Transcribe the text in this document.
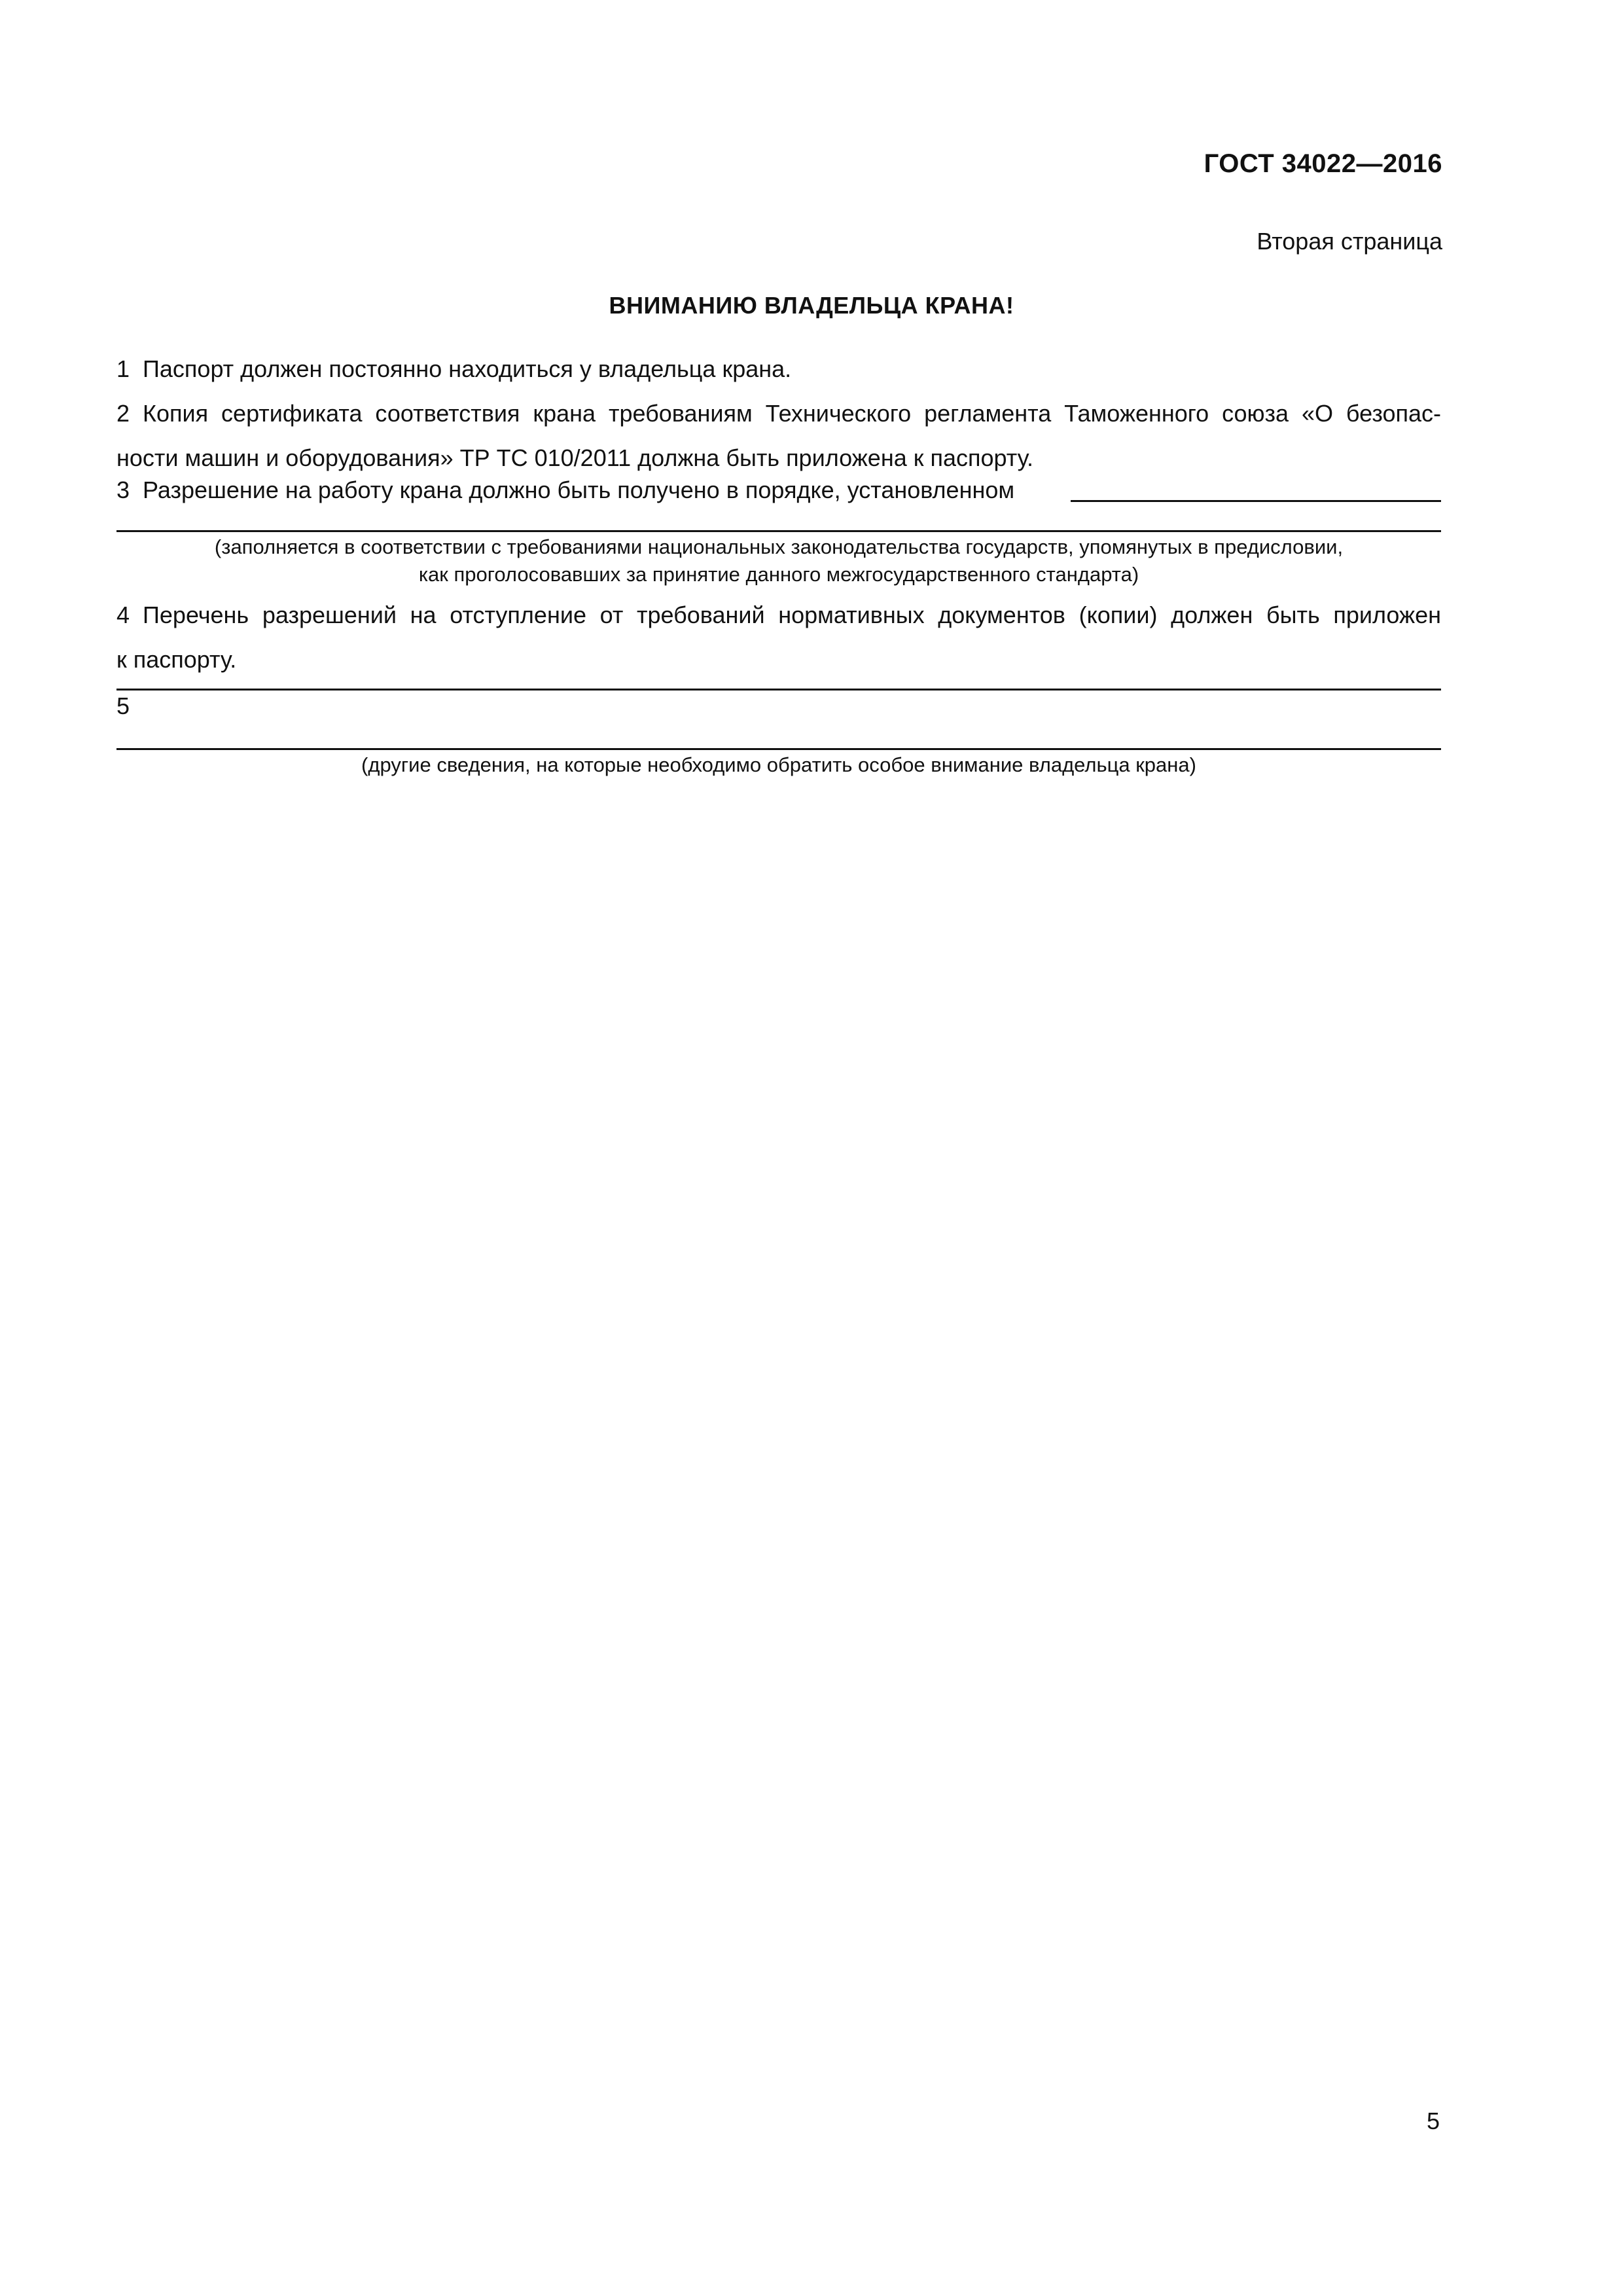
ГОСТ 34022—2016
Вторая страница
ВНИМАНИЮ ВЛАДЕЛЬЦА КРАНА!
1 Паспорт должен постоянно находиться у владельца крана.
2 Копия сертификата соответствия крана требованиям Технического регламента Таможенного союза «О безопас-
ности машин и оборудования» ТР ТС 010/2011 должна быть приложена к паспорту.
3 Разрешение на работу крана должно быть получено в порядке, установленном
(заполняется в соответствии с требованиями национальных законодательства государств, упомянутых в предисловии,
как проголосовавших за принятие данного межгосударственного стандарта)
4 Перечень разрешений на отступление от требований нормативных документов (копии) должен быть приложен
к паспорту.
5
(другие сведения, на которые необходимо обратить особое внимание владельца крана)
5
